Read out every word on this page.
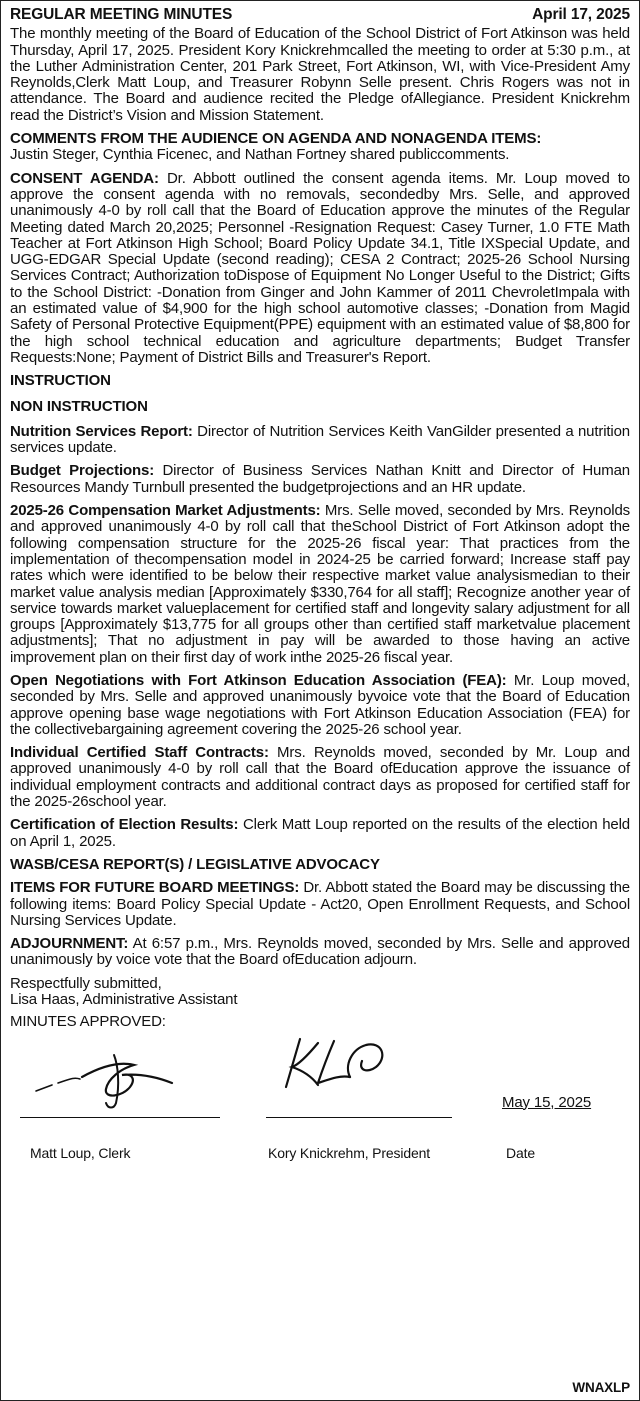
REGULAR MEETING MINUTES	April 17, 2025

The monthly meeting of the Board of Education of the School District of Fort Atkinson was held Thursday, April 17, 2025. President Kory Knickrehmcalled the meeting to order at 5:30 p.m., at the Luther Administration Center, 201 Park Street, Fort Atkinson, WI, with Vice-President Amy Reynolds,Clerk Matt Loup, and Treasurer Robynn Selle present. Chris Rogers was not in attendance. The Board and audience recited the Pledge ofAllegiance. President Knickrehm read the District’s Vision and Mission Statement.

COMMENTS FROM THE AUDIENCE ON AGENDA AND NONAGENDA ITEMS:
Justin Steger, Cynthia Ficenec, and Nathan Fortney shared publiccomments.

CONSENT AGENDA: Dr. Abbott outlined the consent agenda items. Mr. Loup moved to approve the consent agenda with no removals, secondedby Mrs. Selle, and approved unanimously 4-0 by roll call that the Board of Education approve the minutes of the Regular Meeting dated March 20,2025; Personnel -Resignation Request: Casey Turner, 1.0 FTE Math Teacher at Fort Atkinson High School; Board Policy Update 34.1, Title IXSpecial Update, and UGG-EDGAR Special Update (second reading); CESA 2 Contract; 2025-26 School Nursing Services Contract; Authorization toDispose of Equipment No Longer Useful to the District; Gifts to the School District: -Donation from Ginger and John Kammer of 2011 ChevroletImpala with an estimated value of $4,900 for the high school automotive classes; -Donation from Magid Safety of Personal Protective Equipment(PPE) equipment with an estimated value of $8,800 for the high school technical education and agriculture departments; Budget Transfer Requests:None; Payment of District Bills and Treasurer's Report.

INSTRUCTION
NON INSTRUCTION

Nutrition Services Report: Director of Nutrition Services Keith VanGilder presented a nutrition services update.

Budget Projections: Director of Business Services Nathan Knitt and Director of Human Resources Mandy Turnbull presented the budgetprojections and an HR update.

2025-26 Compensation Market Adjustments: Mrs. Selle moved, seconded by Mrs. Reynolds and approved unanimously 4-0 by roll call that theSchool District of Fort Atkinson adopt the following compensation structure for the 2025-26 fiscal year: That practices from the implementation of thecompensation model in 2024-25 be carried forward; Increase staff pay rates which were identified to be below their respective market value analysismedian to their market value analysis median [Approximately $330,764 for all staff]; Recognize another year of service towards market valueplacement for certified staff and longevity salary adjustment for all groups [Approximately $13,775 for all groups other than certified staff marketvalue placement adjustments]; That no adjustment in pay will be awarded to those having an active improvement plan on their first day of work inthe 2025-26 fiscal year.

Open Negotiations with Fort Atkinson Education Association (FEA): Mr. Loup moved, seconded by Mrs. Selle and approved unanimously byvoice vote that the Board of Education approve opening base wage negotiations with Fort Atkinson Education Association (FEA) for the collectivebargaining agreement covering the 2025-26 school year.

Individual Certified Staff Contracts: Mrs. Reynolds moved, seconded by Mr. Loup and approved unanimously 4-0 by roll call that the Board ofEducation approve the issuance of individual employment contracts and additional contract days as proposed for certified staff for the 2025-26school year.

Certification of Election Results: Clerk Matt Loup reported on the results of the election held on April 1, 2025.

WASB/CESA REPORT(S) / LEGISLATIVE ADVOCACY

ITEMS FOR FUTURE BOARD MEETINGS: Dr. Abbott stated the Board may be discussing the following items: Board Policy Special Update - Act20, Open Enrollment Requests, and School Nursing Services Update.

ADJOURNMENT: At 6:57 p.m., Mrs. Reynolds moved, seconded by Mrs. Selle and approved unanimously by voice vote that the Board ofEducation adjourn.

Respectfully submitted,
Lisa Haas, Administrative Assistant

MINUTES APPROVED:
May 15, 2025
Matt Loup, Clerk	Kory Knickrehm, President	Date
WNAXLP
